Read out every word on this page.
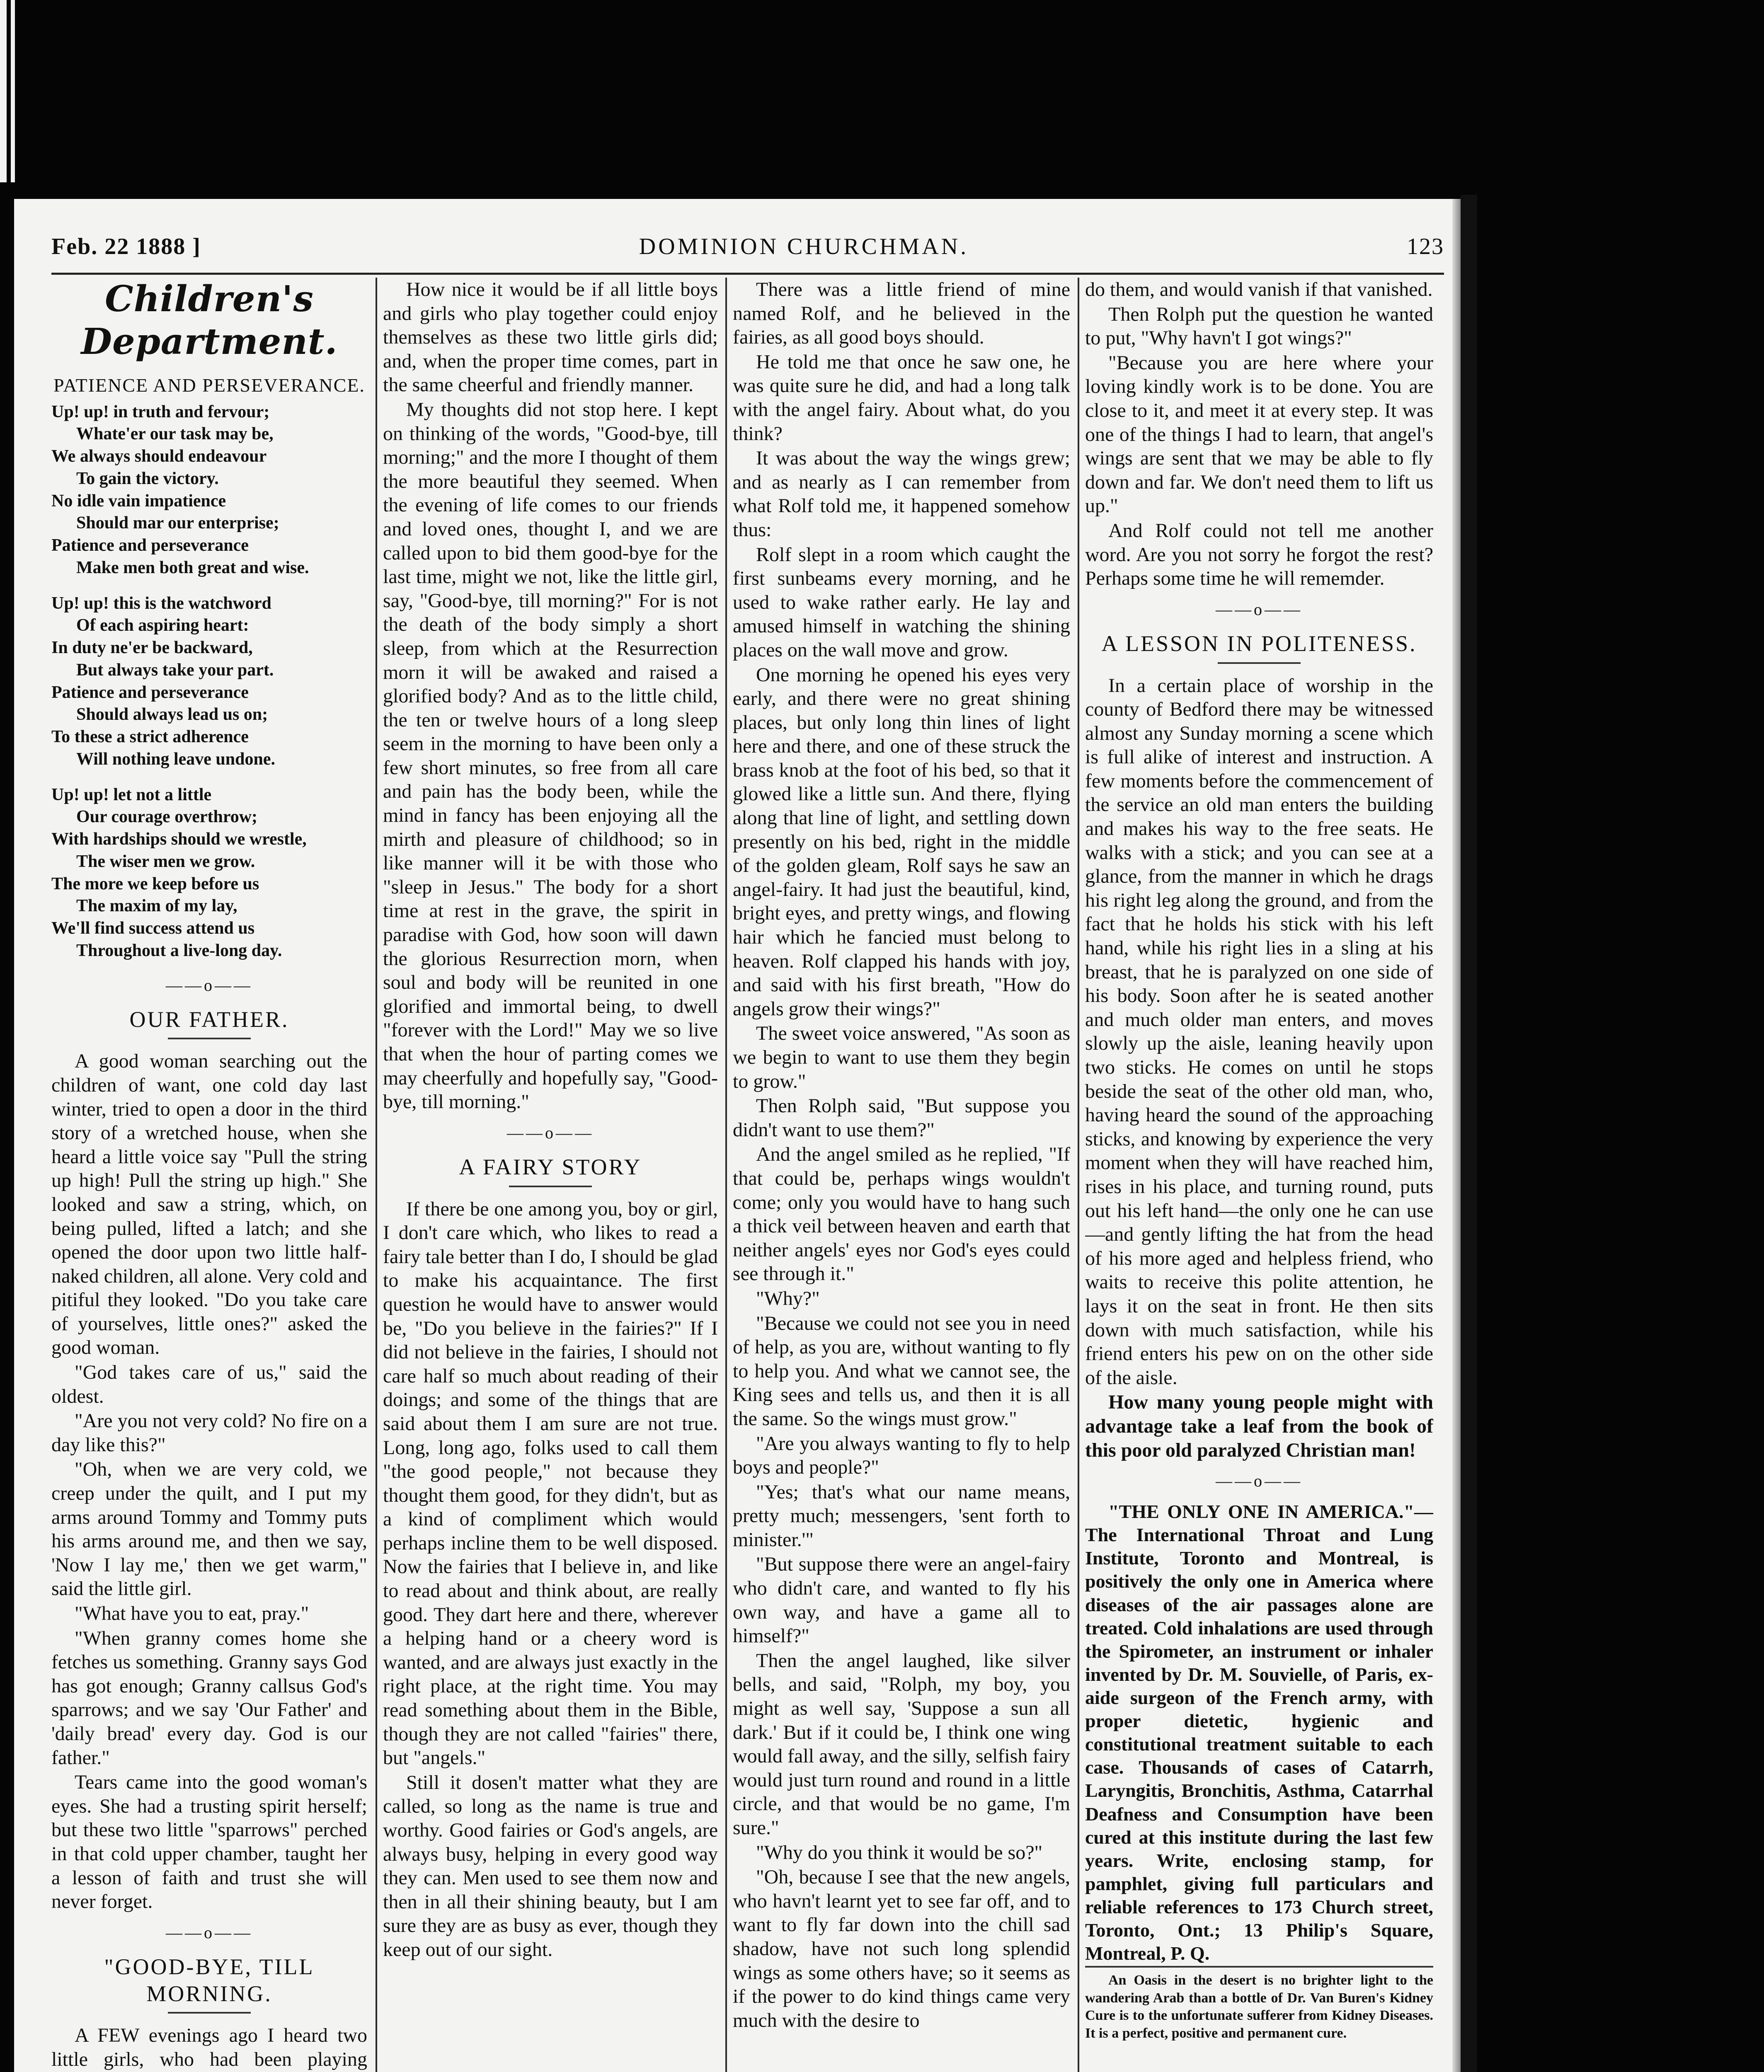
Feb. 22 1888 ]	DOMINION CHURCHMAN.	123
Children's Department.
PATIENCE AND PERSEVERANCE.
Up! up! in truth and fervour;
Whate'er our task may be,
We always should endeavour
To gain the victory.
No idle vain impatience
Should mar our enterprise;
Patience and perseverance
Make men both great and wise.
Up! up! this is the watchword
Of each aspiring heart:
In duty ne'er be backward,
But always take your part.
Patience and perseverance
Should always lead us on;
To these a strict adherence
Will nothing leave undone.
Up! up! let not a little
Our courage overthrow;
With hardships should we wrestle,
The wiser men we grow.
The more we keep before us
The maxim of my lay,
We'll find success attend us
Throughout a live-long day.
——o——
OUR FATHER.

A good woman searching out the children of want, one cold day last winter, tried to open a door in the third story of a wretched house, when she heard a little voice say "Pull the string up high! Pull the string up high." She looked and saw a string, which, on being pulled, lifted a latch; and she opened the door upon two little half-naked children, all alone. Very cold and pitiful they looked. "Do you take care of yourselves, little ones?" asked the good woman.

"God takes care of us," said the oldest.

"Are you not very cold? No fire on a day like this?"

"Oh, when we are very cold, we creep under the quilt, and I put my arms around Tommy and Tommy puts his arms around me, and then we say, 'Now I lay me,' then we get warm," said the little girl.

"What have you to eat, pray."

"When granny comes home she fetches us something. Granny says God has got enough; Granny callsus God's sparrows; and we say 'Our Father' and 'daily bread' every day. God is our father."

Tears came into the good woman's eyes. She had a trusting spirit herself; but these two little "sparrows" perched in that cold upper chamber, taught her a lesson of faith and trust she will never forget.

——o——
"GOOD-BYE, TILL MORNING.

A FEW evenings ago I heard two little girls, who had been playing

How nice it would be if all little boys and girls who play together could enjoy themselves as these two little girls did; and, when the proper time comes, part in the same cheerful and friendly manner.

My thoughts did not stop here. I kept on thinking of the words, "Good-bye, till morning;" and the more I thought of them the more beautiful they seemed. When the evening of life comes to our friends and loved ones, thought I, and we are called upon to bid them good-bye for the last time, might we not, like the little girl, say, "Good-bye, till morning?" For is not the death of the body simply a short sleep, from which at the Resurrection morn it will be awaked and raised a glorified body? And as to the little child, the ten or twelve hours of a long sleep seem in the morning to have been only a few short minutes, so free from all care and pain has the body been, while the mind in fancy has been enjoying all the mirth and pleasure of childhood; so in like manner will it be with those who "sleep in Jesus." The body for a short time at rest in the grave, the spirit in paradise with God, how soon will dawn the glorious Resurrection morn, when soul and body will be reunited in one glorified and immortal being, to dwell "forever with the Lord!" May we so live that when the hour of parting comes we may cheerfully and hopefully say, "Good-bye, till morning."

——o——
A FAIRY STORY

If there be one among you, boy or girl, I don't care which, who likes to read a fairy tale better than I do, I should be glad to make his acquaintance. The first question he would have to answer would be, "Do you believe in the fairies?" If I did not believe in the fairies, I should not care half so much about reading of their doings; and some of the things that are said about them I am sure are not true. Long, long ago, folks used to call them "the good people," not because they thought them good, for they didn't, but as a kind of compliment which would perhaps incline them to be well disposed. Now the fairies that I believe in, and like to read about and think about, are really good. They dart here and there, wherever a helping hand or a cheery word is wanted, and are always just exactly in the right place, at the right time. You may read something about them in the Bible, though they are not called "fairies" there, but "angels."

Still it dosen't matter what they are called, so long as the name is true and worthy. Good fairies or God's angels, are always busy, helping in every good way they can. Men used to see them now and then in all their shining beauty, but I am sure they are as busy as ever, though they keep out of our sight.

There was a little friend of mine named Rolf, and he believed in the fairies, as all good boys should.

He told me that once he saw one, he was quite sure he did, and had a long talk with the angel fairy. About what, do you think?

It was about the way the wings grew; and as nearly as I can remember from what Rolf told me, it happened somehow thus:

Rolf slept in a room which caught the first sunbeams every morning, and he used to wake rather early. He lay and amused himself in watching the shining places on the wall move and grow.

One morning he opened his eyes very early, and there were no great shining places, but only long thin lines of light here and there, and one of these struck the brass knob at the foot of his bed, so that it glowed like a little sun. And there, flying along that line of light, and settling down presently on his bed, right in the middle of the golden gleam, Rolf says he saw an angel-fairy. It had just the beautiful, kind, bright eyes, and pretty wings, and flowing hair which he fancied must belong to heaven. Rolf clapped his hands with joy, and said with his first breath, "How do angels grow their wings?"

The sweet voice answered, "As soon as we begin to want to use them they begin to grow."

Then Rolph said, "But suppose you didn't want to use them?"

And the angel smiled as he replied, "If that could be, perhaps wings wouldn't come; only you would have to hang such a thick veil between heaven and earth that neither angels' eyes nor God's eyes could see through it."

"Why?"

"Because we could not see you in need of help, as you are, without wanting to fly to help you. And what we cannot see, the King sees and tells us, and then it is all the same. So the wings must grow."

"Are you always wanting to fly to help boys and people?"

"Yes; that's what our name means, pretty much; messengers, 'sent forth to minister.'"

"But suppose there were an angel-fairy who didn't care, and wanted to fly his own way, and have a game all to himself?"

Then the angel laughed, like silver bells, and said, "Rolph, my boy, you might as well say, 'Suppose a sun all dark.' But if it could be, I think one wing would fall away, and the silly, selfish fairy would just turn round and round in a little circle, and that would be no game, I'm sure."

"Why do you think it would be so?"

"Oh, because I see that the new angels, who havn't learnt yet to see far off, and to want to fly far down into the chill sad shadow, have not such long splendid wings as some others have; so it seems as if the power to do kind things came very much with the desire to

do them, and would vanish if that vanished.

Then Rolph put the question he wanted to put, "Why havn't I got wings?"

"Because you are here where your loving kindly work is to be done. You are close to it, and meet it at every step. It was one of the things I had to learn, that angel's wings are sent that we may be able to fly down and far. We don't need them to lift us up."

And Rolf could not tell me another word. Are you not sorry he forgot the rest? Perhaps some time he will rememder.

——o——
A LESSON IN POLITENESS.

In a certain place of worship in the county of Bedford there may be witnessed almost any Sunday morning a scene which is full alike of interest and instruction. A few moments before the commencement of the service an old man enters the building and makes his way to the free seats. He walks with a stick; and you can see at a glance, from the manner in which he drags his right leg along the ground, and from the fact that he holds his stick with his left hand, while his right lies in a sling at his breast, that he is paralyzed on one side of his body. Soon after he is seated another and much older man enters, and moves slowly up the aisle, leaning heavily upon two sticks. He comes on until he stops beside the seat of the other old man, who, having heard the sound of the approaching sticks, and knowing by experience the very moment when they will have reached him, rises in his place, and turning round, puts out his left hand—the only one he can use—and gently lifting the hat from the head of his more aged and helpless friend, who waits to receive this polite attention, he lays it on the seat in front. He then sits down with much satisfaction, while his friend enters his pew on on the other side of the aisle.

How many young people might with advantage take a leaf from the book of this poor old paralyzed Christian man!

——o——

"THE ONLY ONE IN AMERICA."—The International Throat and Lung Institute, Toronto and Montreal, is positively the only one in America where diseases of the air passages alone are treated. Cold inhalations are used through the Spirometer, an instrument or inhaler invented by Dr. M. Souvielle, of Paris, ex-aide surgeon of the French army, with proper dietetic, hygienic and constitutional treatment suitable to each case. Thousands of cases of Catarrh, Laryngitis, Bronchitis, Asthma, Catarrhal Deafness and Consumption have been cured at this institute during the last few years. Write, enclosing stamp, for pamphlet, giving full particulars and reliable references to 173 Church street, Toronto, Ont.; 13 Philip's Square, Montreal, P. Q.

An Oasis in the desert is no brighter light to the wandering Arab than a bottle of Dr. Van Buren's Kidney Cure is to the unfortunate sufferer from Kidney Diseases. It is a perfect, positive and permanent cure.
